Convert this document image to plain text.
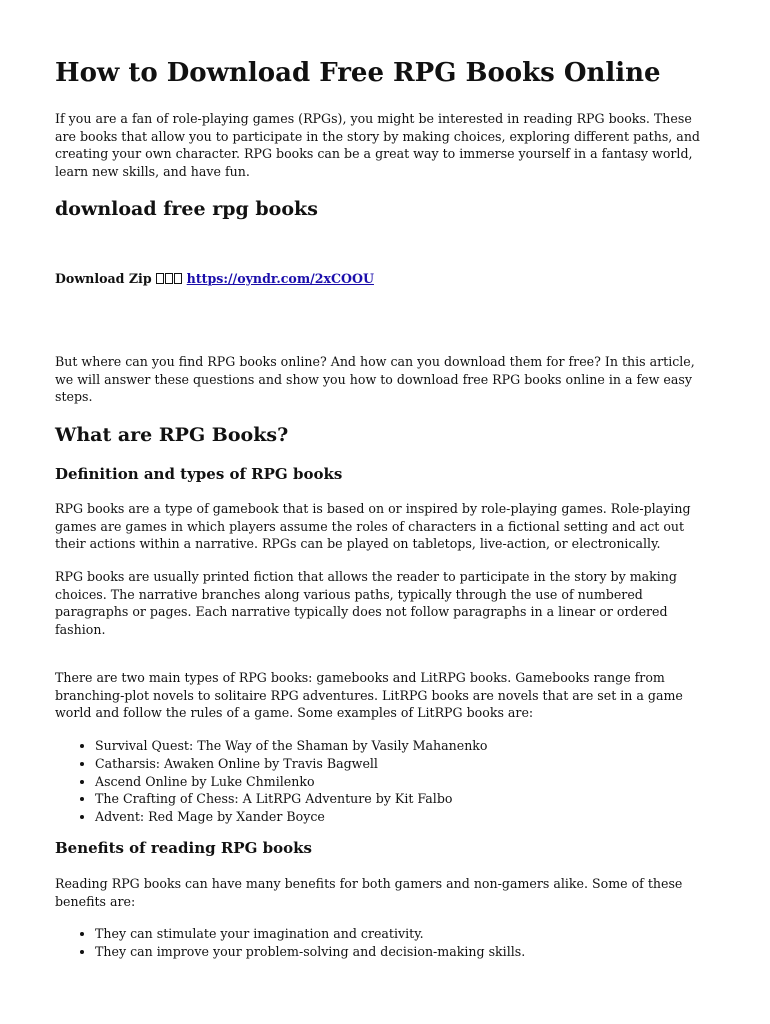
How to Download Free RPG Books Online

If you are a fan of role-playing games (RPGs), you might be interested in reading RPG books. These are books that allow you to participate in the story by making choices, exploring different paths, and creating your own character. RPG books can be a great way to immerse yourself in a fantasy world, learn new skills, and have fun.

download free rpg books
Download Zip	https://oyndr.com/2xCOOU

But where can you find RPG books online? And how can you download them for free? In this article, we will answer these questions and show you how to download free RPG books online in a few easy steps.

What are RPG Books?
Definition and types of RPG books

RPG books are a type of gamebook that is based on or inspired by role-playing games. Role-playing games are games in which players assume the roles of characters in a fictional setting and act out their actions within a narrative. RPGs can be played on tabletops, live-action, or electronically.

RPG books are usually printed fiction that allows the reader to participate in the story by making choices. The narrative branches along various paths, typically through the use of numbered paragraphs or pages. Each narrative typically does not follow paragraphs in a linear or ordered fashion.

There are two main types of RPG books: gamebooks and LitRPG books. Gamebooks range from branching-plot novels to solitaire RPG adventures. LitRPG books are novels that are set in a game world and follow the rules of a game. Some examples of LitRPG books are:

• Survival Quest: The Way of the Shaman by Vasily Mahanenko
• Catharsis: Awaken Online by Travis Bagwell
• Ascend Online by Luke Chmilenko
• The Crafting of Chess: A LitRPG Adventure by Kit Falbo
• Advent: Red Mage by Xander Boyce
Benefits of reading RPG books

Reading RPG books can have many benefits for both gamers and non-gamers alike. Some of these benefits are:

• They can stimulate your imagination and creativity.
• They can improve your problem-solving and decision-making skills.
